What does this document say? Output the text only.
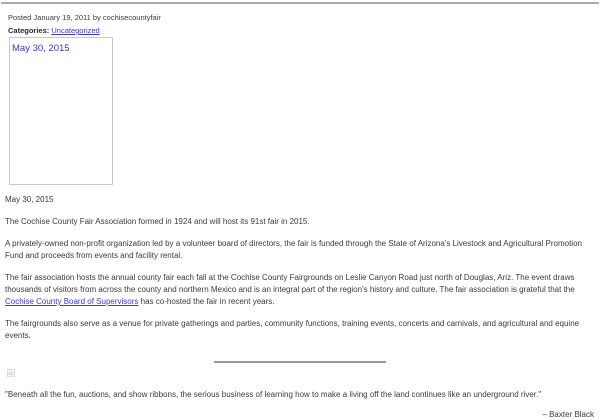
Posted January 19, 2011 by cochisecountyfair
Categories: Uncategorized
May 30, 2015

May 30, 2015

The Cochise County Fair Association formed in 1924 and will host its 91st fair in 2015.

A privately-owned non-profit organization led by a volunteer board of directors, the fair is funded through the State of Arizona's Livestock and Agricultural Promotion Fund and proceeds from events and facility rental.

The fair association hosts the annual county fair each fall at the Cochise County Fairgrounds on Leslie Canyon Road just north of Douglas, Ariz. The event draws thousands of visitors from across the county and northern Mexico and is an integral part of the region's history and culture. The fair association is grateful that the Cochise County Board of Supervisors has co-hosted the fair in recent years.

The fairgrounds also serve as a venue for private gatherings and parties, community functions, training events, concerts and carnivals, and agricultural and equine events.

"Beneath all the fun, auctions, and show ribbons, the serious business of learning how to make a living off the land continues like an underground river."

– Baxter Black
